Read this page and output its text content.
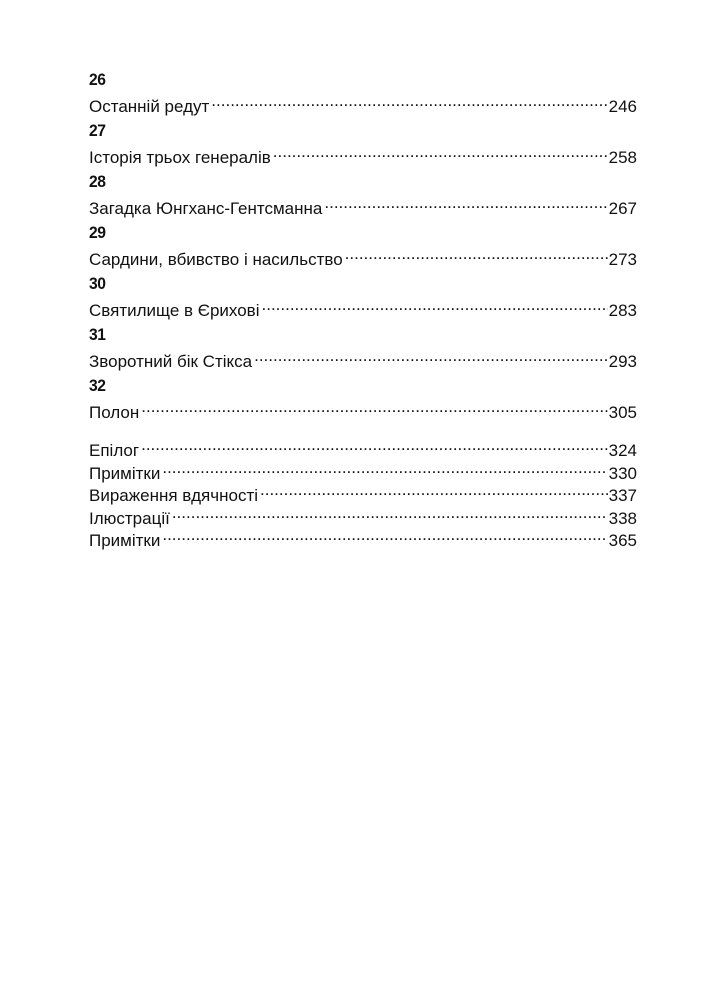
26
Останній редут .....	246
27
Історія трьох генералів .....	258
28
Загадка Юнгханс-Гентсманна .....	267
29
Сардини, вбивство і насильство .....	273
30
Святилище в Єрихові .....	283
31
Зворотний бік Стікса .....	293
32
Полон .....	305
Епілог .....	324
Примітки .....	330
Вираження вдячності .....	337
Ілюстрації .....	338
Примітки .....	365
